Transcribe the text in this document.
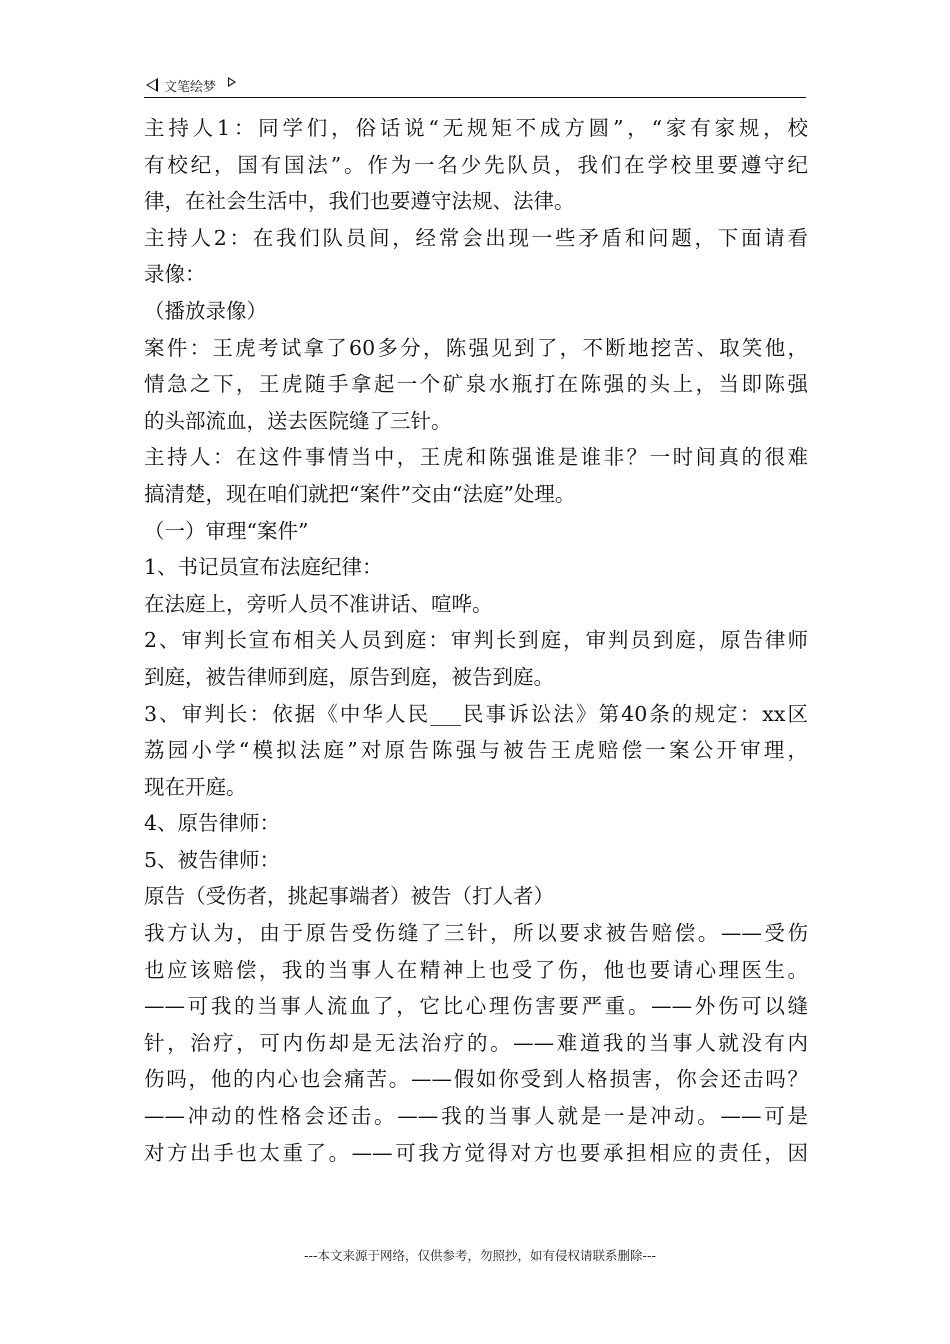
文笔绘梦
主持人1：同学们，俗话说“无规矩不成方圆”，“家有家规，校
有校纪，国有国法”。作为一名少先队员，我们在学校里要遵守纪
律，在社会生活中，我们也要遵守法规、法律。
主持人2：在我们队员间，经常会出现一些矛盾和问题，下面请看
录像：
（播放录像）
案件：王虎考试拿了60多分，陈强见到了，不断地挖苦、取笑他，
情急之下，王虎随手拿起一个矿泉水瓶打在陈强的头上，当即陈强
的头部流血，送去医院缝了三针。
主持人：在这件事情当中，王虎和陈强谁是谁非？一时间真的很难
搞清楚，现在咱们就把“案件”交由“法庭”处理。
（一）审理“案件”
1、书记员宣布法庭纪律：
在法庭上，旁听人员不准讲话、喧哗。
2、审判长宣布相关人员到庭：审判长到庭，审判员到庭，原告律师
到庭，被告律师到庭，原告到庭，被告到庭。
3、审判长：依据《中华人民___民事诉讼法》第40条的规定：xx区
荔园小学“模拟法庭”对原告陈强与被告王虎赔偿一案公开审理，
现在开庭。
4、原告律师：
5、被告律师：
原告（受伤者，挑起事端者）被告（打人者）
我方认为，由于原告受伤缝了三针，所以要求被告赔偿。——受伤
也应该赔偿，我的当事人在精神上也受了伤，他也要请心理医生。
——可我的当事人流血了，它比心理伤害要严重。——外伤可以缝
针，治疗，可内伤却是无法治疗的。——难道我的当事人就没有内
伤吗，他的内心也会痛苦。——假如你受到人格损害，你会还击吗？
——冲动的性格会还击。——我的当事人就是一是冲动。——可是
对方出手也太重了。——可我方觉得对方也要承担相应的责任，因
---本文来源于网络，仅供参考，勿照抄，如有侵权请联系删除---
